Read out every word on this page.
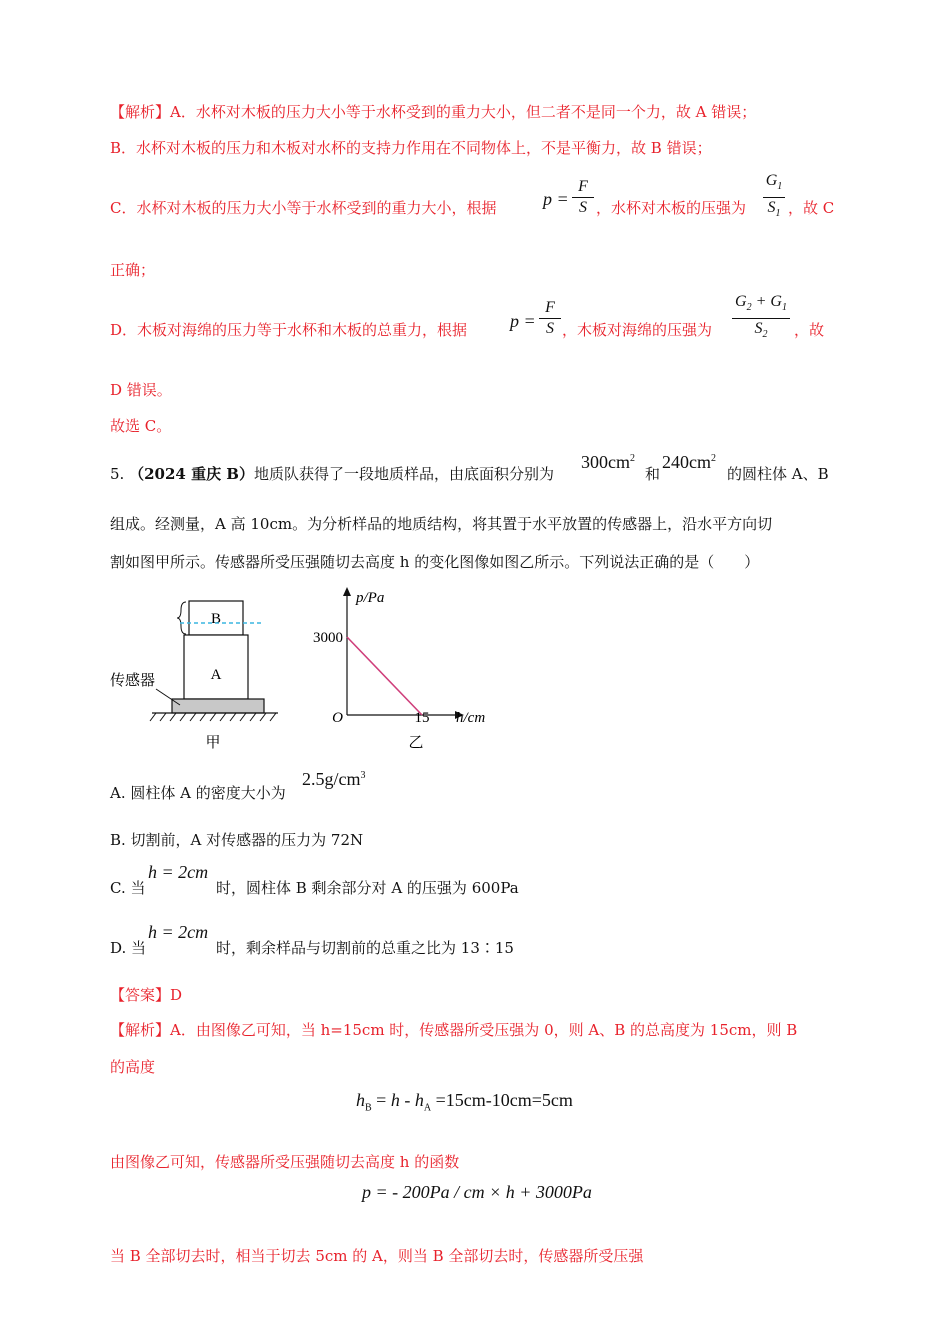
【解析】A．水杯对木板的压力大小等于水杯受到的重力大小，但二者不是同一个力，故 A 错误；
B．水杯对木板的压力和木板对水杯的支持力作用在不同物体上，不是平衡力，故 B 错误；
C．水杯对木板的压力大小等于水杯受到的重力大小，根据	p =
F
S ，水杯对木板的压强为
$G_1$
$S_1$ ，故 C
正确；
D．木板对海绵的压力等于水杯和木板的总重力，根据 p =
F
S ，木板对海绵的压强为
$G_2 + G_1$
$S_2$	，故
D 错误。
故选 C。
5. （2024 重庆 B）地质队获得了一段地质样品，由底面积分别为
$300cm^2$
和
$240cm^2$
的圆柱体 A、B
组成。经测量，A 高 10cm。为分析样品的地质结构，将其置于水平放置的传感器上，沿水平方向切
割如图甲所示。传感器所受压强随切去高度 h 的变化图像如图乙所示。下列说法正确的是（　　）
B
A
传感器
甲
p/Pa
h/cm
O
3000
15
乙
A. 圆柱体 A 的密度大小为
$2.5g/cm^3$
B. 切割前，A 对传感器的压力为 72N
C. 当
h = 2cm
时，圆柱体 B 剩余部分对 A 的压强为 600Pa
D. 当
h = 2cm
时，剩余样品与切割前的总重之比为 13∶15
【答案】D
【解析】A．由图像乙可知，当 h=15cm 时，传感器所受压强为 0，则 A、B 的总高度为 15cm，则 B
的高度
$h_B = h - h_A =15cm-10cm=5cm$
由图像乙可知，传感器所受压强随切去高度 h 的函数
p = - 200Pa / cm × h + 3000Pa
当 B 全部切去时，相当于切去 5cm 的 A，则当 B 全部切去时，传感器所受压强
